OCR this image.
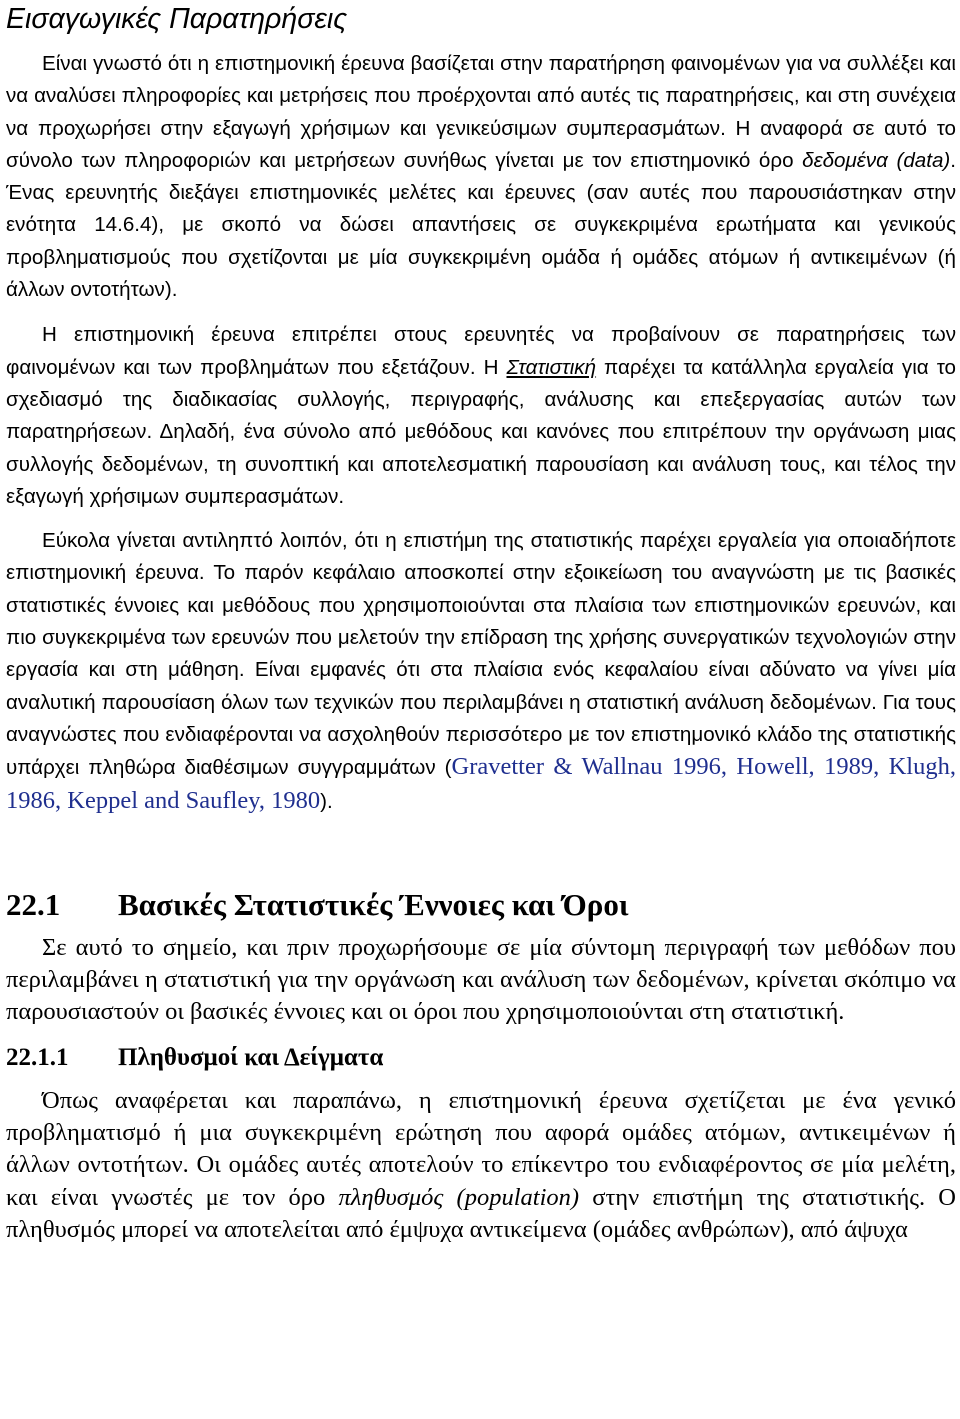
Εισαγωγικές Παρατηρήσεις

Είναι γνωστό ότι η επιστημονική έρευνα βασίζεται στην παρατήρηση φαινομένων για να συλλέξει και να αναλύσει πληροφορίες και μετρήσεις που προέρχονται από αυτές τις παρατηρήσεις, και στη συνέχεια να προχωρήσει στην εξαγωγή χρήσιμων και γενικεύσιμων συμπερασμάτων. Η αναφορά σε αυτό το σύνολο των πληροφοριών και μετρήσεων συνήθως γίνεται με τον επιστημονικό όρο δεδομένα (data). Ένας ερευνητής διεξάγει επιστημονικές μελέτες και έρευνες (σαν αυτές που παρουσιάστηκαν στην ενότητα 14.6.4), με σκοπό να δώσει απαντήσεις σε συγκεκριμένα ερωτήματα και γενικούς προβληματισμούς που σχετίζονται με μία συγκεκριμένη ομάδα ή ομάδες ατόμων ή αντικειμένων (ή άλλων οντοτήτων).

Η επιστημονική έρευνα επιτρέπει στους ερευνητές να προβαίνουν σε παρατηρήσεις των φαινομένων και των προβλημάτων που εξετάζουν. Η Στατιστική παρέχει τα κατάλληλα εργαλεία για το σχεδιασμό της διαδικασίας συλλογής, περιγραφής, ανάλυσης και επεξεργασίας αυτών των παρατηρήσεων. Δηλαδή, ένα σύνολο από μεθόδους και κανόνες που επιτρέπουν την οργάνωση μιας συλλογής δεδομένων, τη συνοπτική και αποτελεσματική παρουσίαση και ανάλυση τους, και τέλος την εξαγωγή χρήσιμων συμπερασμάτων.

Εύκολα γίνεται αντιληπτό λοιπόν, ότι η επιστήμη της στατιστικής παρέχει εργαλεία για οποιαδήποτε επιστημονική έρευνα. Το παρόν κεφάλαιο αποσκοπεί στην εξοικείωση του αναγνώστη με τις βασικές στατιστικές έννοιες και μεθόδους που χρησιμοποιούνται στα πλαίσια των επιστημονικών ερευνών, και πιο συγκεκριμένα των ερευνών που μελετούν την επίδραση της χρήσης συνεργατικών τεχνολογιών στην εργασία και στη μάθηση. Είναι εμφανές ότι στα πλαίσια ενός κεφαλαίου είναι αδύνατο να γίνει μία αναλυτική παρουσίαση όλων των τεχνικών που περιλαμβάνει η στατιστική ανάλυση δεδομένων. Για τους αναγνώστες που ενδιαφέρονται να ασχοληθούν περισσότερο με τον επιστημονικό κλάδο της στατιστικής υπάρχει πληθώρα διαθέσιμων συγγραμμάτων (Gravetter & Wallnau 1996, Howell, 1989, Klugh, 1986, Keppel and Saufley, 1980).

22.1	Βασικές Στατιστικές Έννοιες και Όροι

Σε αυτό το σημείο, και πριν προχωρήσουμε σε μία σύντομη περιγραφή των μεθόδων που περιλαμβάνει η στατιστική για την οργάνωση και ανάλυση των δεδομένων, κρίνεται σκόπιμο να παρουσιαστούν οι βασικές έννοιες και οι όροι που χρησιμοποιούνται στη στατιστική.

22.1.1	Πληθυσμοί και Δείγματα

Όπως αναφέρεται και παραπάνω, η επιστημονική έρευνα σχετίζεται με ένα γενικό προβληματισμό ή μια συγκεκριμένη ερώτηση που αφορά ομάδες ατόμων, αντικειμένων ή άλλων οντοτήτων. Οι ομάδες αυτές αποτελούν το επίκεντρο του ενδιαφέροντος σε μία μελέτη, και είναι γνωστές με τον όρο πληθυσμός (population) στην επιστήμη της στατιστικής. Ο πληθυσμός μπορεί να αποτελείται από έμψυχα αντικείμενα (ομάδες ανθρώπων), από άψυχα
